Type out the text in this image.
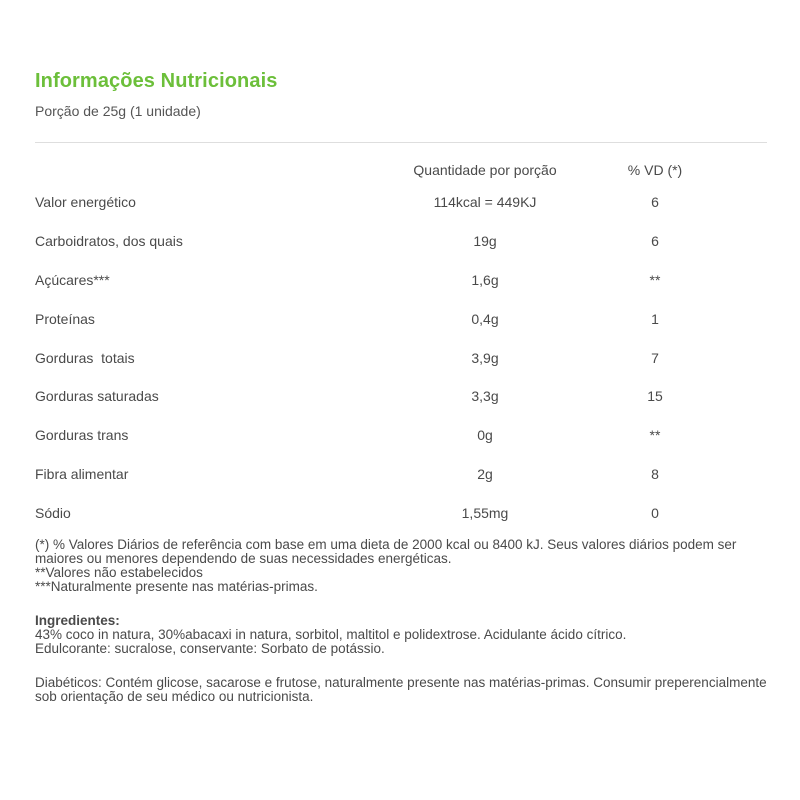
Informações Nutricionais
Porção de 25g (1 unidade)
	Quantidade por porção	% VD (*)
Valor energético	114kcal = 449KJ	6
Carboidratos, dos quais	19g	6
Açúcares***	1,6g	**
Proteínas	0,4g	1
Gorduras  totais	3,9g	7
Gorduras saturadas	3,3g	15
Gorduras trans	0g	**
Fibra alimentar	2g	8
Sódio	1,55mg	0

(*) % Valores Diários de referência com base em uma dieta de 2000 kcal ou 8400 kJ. Seus valores diários podem ser maiores ou menores dependendo de suas necessidades energéticas.

**Valores não estabelecidos

***Naturalmente presente nas matérias-primas.

Ingredientes:

43% coco in natura, 30%abacaxi in natura, sorbitol, maltitol e polidextrose. Acidulante ácido cítrico.

Edulcorante: sucralose, conservante: Sorbato de potássio.

Diabéticos: Contém glicose, sacarose e frutose, naturalmente presente nas matérias-primas. Consumir preperencialmente sob orientação de seu médico ou nutricionista.
